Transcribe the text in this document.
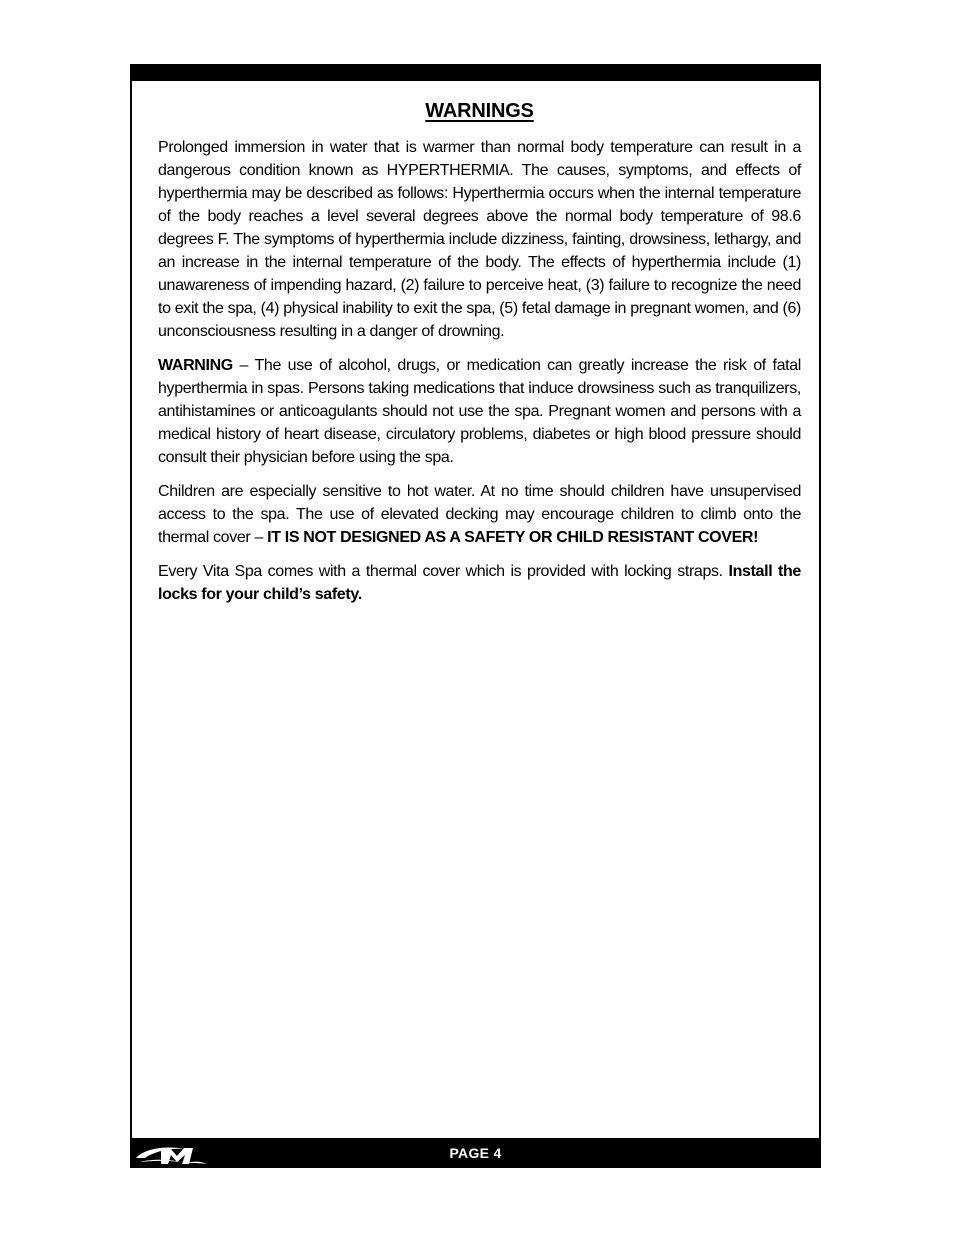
WARNINGS

Prolonged immersion in water that is warmer than normal body temperature can result in a dangerous condition known as HYPERTHERMIA. The causes, symptoms, and effects of hyperthermia may be described as follows: Hyperthermia occurs when the internal temperature of the body reaches a level several degrees above the normal body temperature of 98.6 degrees F. The symptoms of hyperthermia include dizziness, fainting, drowsiness, lethargy, and an increase in the internal temperature of the body. The effects of hyperthermia include (1) unawareness of impending hazard, (2) failure to perceive heat, (3) failure to recognize the need to exit the spa, (4) physical inability to exit the spa, (5) fetal damage in pregnant women, and (6) unconsciousness resulting in a danger of drowning.

WARNING – The use of alcohol, drugs, or medication can greatly increase the risk of fatal hyperthermia in spas. Persons taking medications that induce drowsiness such as tranquilizers, antihistamines or anticoagulants should not use the spa. Pregnant women and persons with a medical history of heart disease, circulatory problems, diabetes or high blood pressure should consult their physician before using the spa.

Children are especially sensitive to hot water. At no time should children have unsupervised access to the spa. The use of elevated decking may encourage children to climb onto the thermal cover – IT IS NOT DESIGNED AS A SAFETY OR CHILD RESISTANT COVER!

Every Vita Spa comes with a thermal cover which is provided with locking straps. Install the locks for your child’s safety.

PAGE 4
